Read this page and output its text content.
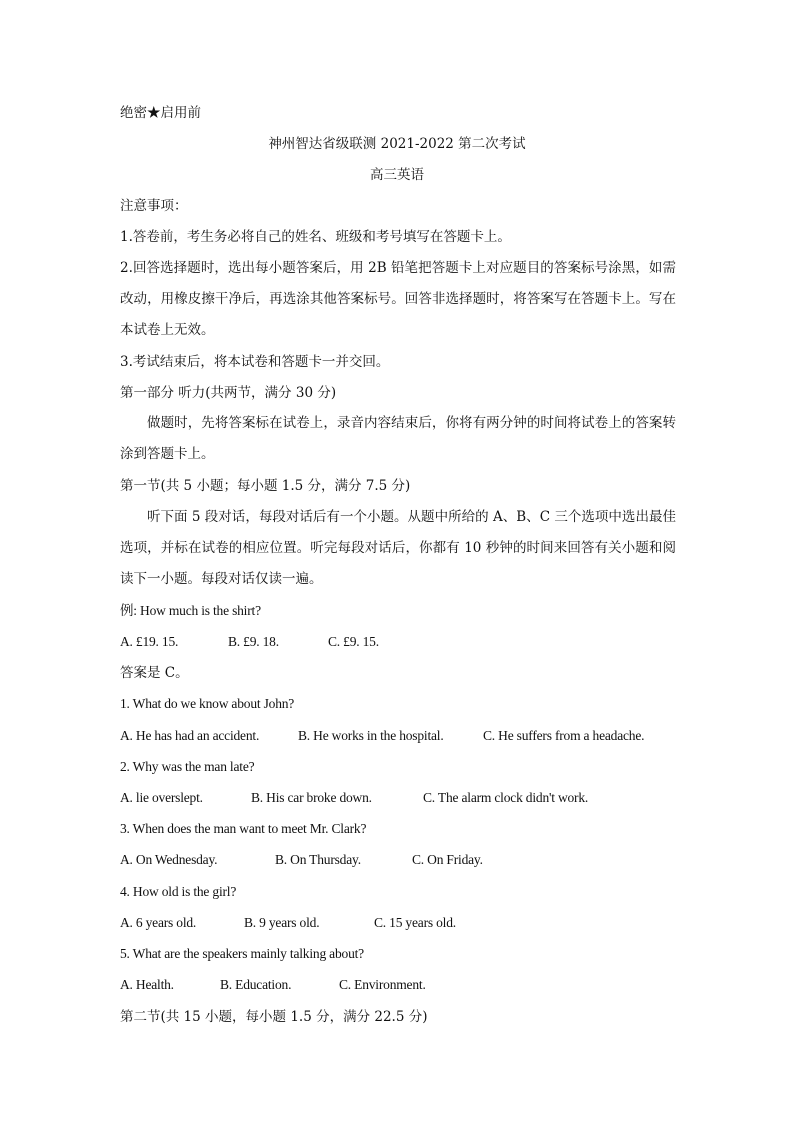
绝密★启用前
神州智达省级联测 2021-2022 第二次考试
高三英语
注意事项：
1.答卷前，考生务必将自己的姓名、班级和考号填写在答题卡上。
2.回答选择题时，选出每小题答案后，用 2B 铅笔把答题卡上对应题目的答案标号涂黑，如需改动，用橡皮擦干净后，再选涂其他答案标号。回答非选择题时，将答案写在答题卡上。写在本试卷上无效。
3.考试结束后，将本试卷和答题卡一并交回。
第一部分 听力(共两节，满分 30 分)
做题时，先将答案标在试卷上，录音内容结束后，你将有两分钟的时间将试卷上的答案转涂到答题卡上。
第一节(共 5 小题；每小题 1.5 分，满分 7.5 分)
听下面 5 段对话，每段对话后有一个小题。从题中所给的 A、B、C 三个选项中选出最佳选项，并标在试卷的相应位置。听完每段对话后，你都有 10 秒钟的时间来回答有关小题和阅读下一小题。每段对话仅读一遍。
例: How much is the shirt?
A. £19. 15.	B. £9. 18.	C. £9. 15.
答案是 C。
1. What do we know about John?
A. He has had an accident.	B. He works in the hospital.	C. He suffers from a headache.
2. Why was the man late?
A. lie overslept.	B. His car broke down.	C. The alarm clock didn't work.
3. When does the man want to meet Mr. Clark?
A. On Wednesday.	B. On Thursday.	C. On Friday.
4. How old is the girl?
A. 6 years old.	B. 9 years old.	C. 15 years old.
5. What are the speakers mainly talking about?
A. Health.	B. Education.	C. Environment.
第二节(共 15 小题，每小题 1.5 分，满分 22.5 分)
